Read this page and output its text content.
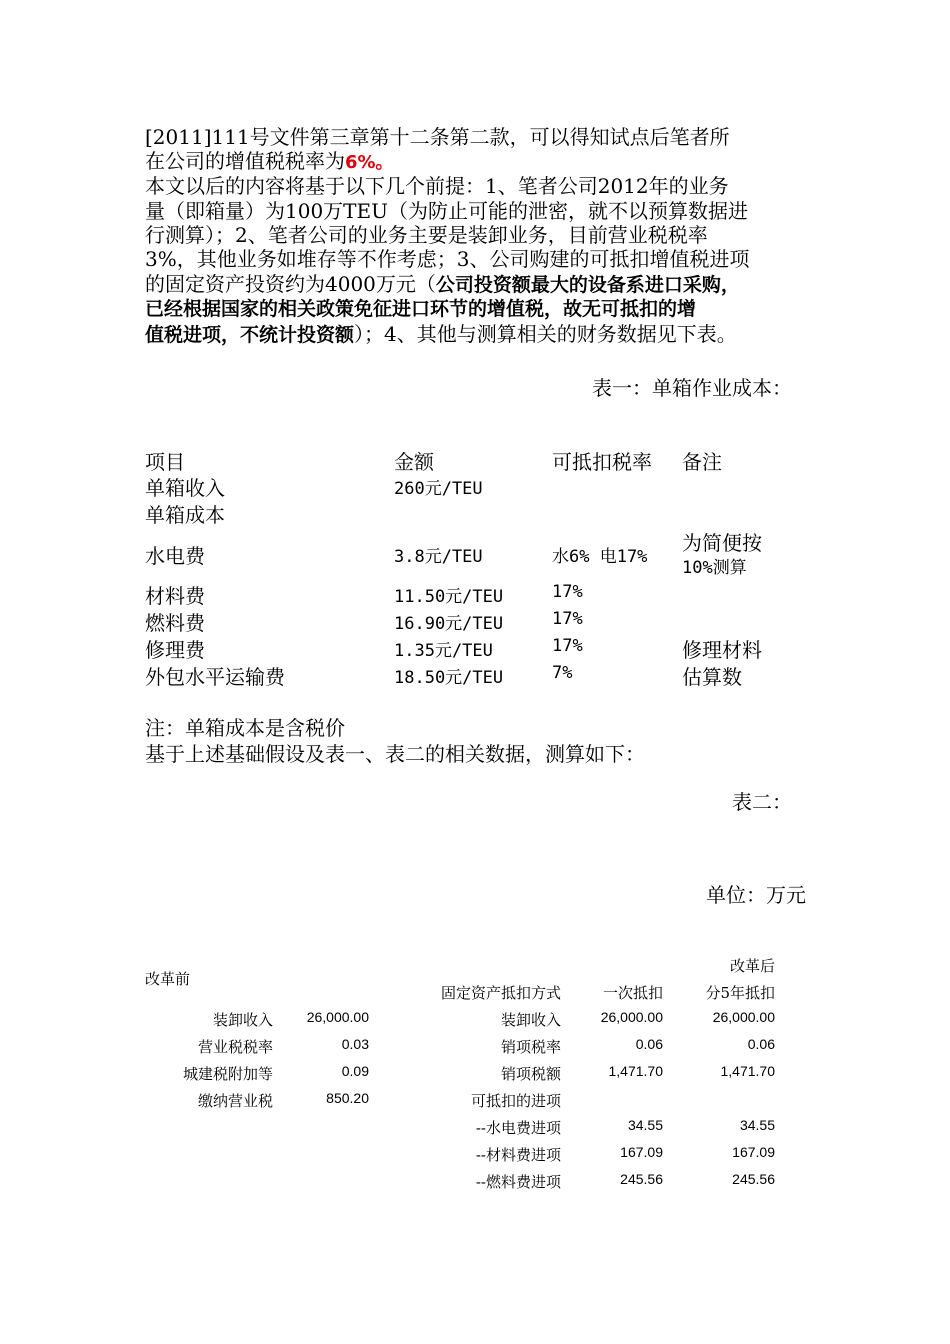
[2011]111号文件第三章第十二条第二款，可以得知试点后笔者所
在公司的增值税税率为6%。
本文以后的内容将基于以下几个前提：1、笔者公司2012年的业务
量（即箱量）为100万TEU（为防止可能的泄密，就不以预算数据进
行测算）；2、笔者公司的业务主要是装卸业务，目前营业税税率
3%，其他业务如堆存等不作考虑；3、公司购建的可抵扣增值税进项
的固定资产投资约为4000万元（公司投资额最大的设备系进口采购，
已经根据国家的相关政策免征进口环节的增值税，故无可抵扣的增
值税进项，不统计投资额）；4、其他与测算相关的财务数据见下表。
表一：单箱作业成本：
项目	金额	可抵扣税率 备注
单箱收入	260元/TEU
单箱成本
水电费	3.8元/TEU	水6% 电17%
为简便按
10%测算
材料费	11.50元/TEU	17%
燃料费	16.90元/TEU	17%
修理费	1.35元/TEU	17%	修理材料
外包水平运输费	18.50元/TEU	7%	估算数
注：单箱成本是含税价
基于上述基础假设及表一、表二的相关数据，测算如下：
表二：
单位：万元
改革前
改革后
固定资产抵扣方式	一次抵扣	分5年抵扣
装卸收入 26,000.00
营业税税率	0.03
城建税附加等	0.09
缴纳营业税	850.20
装卸收入	26,000.00	26,000.00
销项税率	0.06	0.06
销项税额	1,471.70	1,471.70
可抵扣的进项
--水电费进项	34.55	34.55
--材料费进项	167.09	167.09
--燃料费进项	245.56	245.56
